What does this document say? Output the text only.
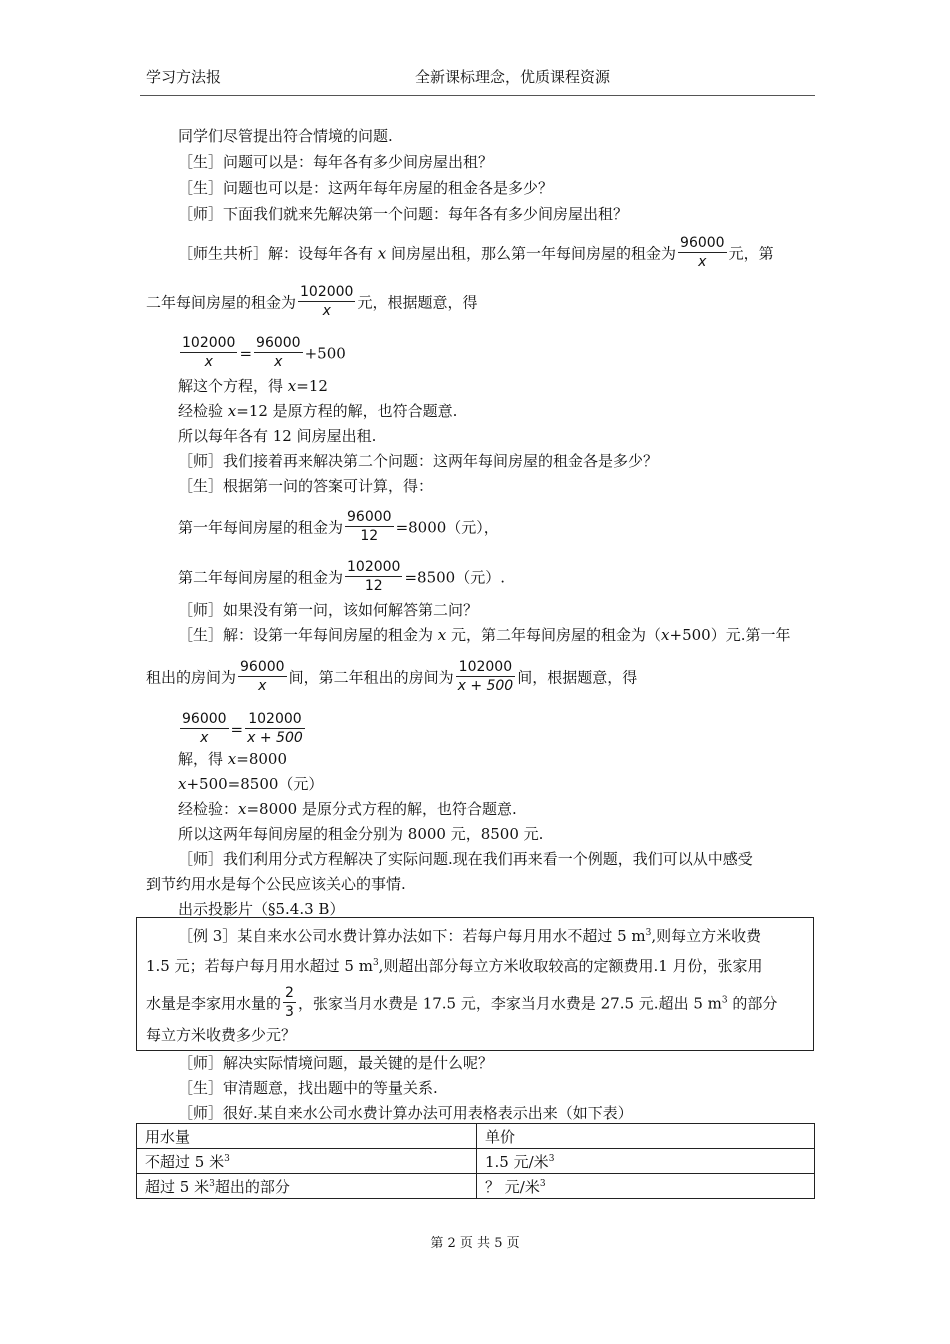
学习方法报	全新课标理念，优质课程资源
同学们尽管提出符合情境的问题.
［生］问题可以是：每年各有多少间房屋出租？
［生］问题也可以是：这两年每年房屋的租金各是多少？
［师］下面我们就来先解决第一个问题：每年各有多少间房屋出租？
［师生共析］解：设每年各有 x 间房屋出租，那么第一年每间房屋的租金为 $\frac{96000}{x}$ 元，第
二年每间房屋的租金为 $\frac{102000}{x}$ 元，根据题意，得
$\frac{102000}{x} = \frac{96000}{x} +500$
解这个方程，得 x=12
经检验 x=12 是原方程的解，也符合题意.
所以每年各有 12 间房屋出租.
［师］我们接着再来解决第二个问题：这两年每间房屋的租金各是多少？
［生］根据第一问的答案可计算，得：
第一年每间房屋的租金为 $\frac{96000}{12} =8000$（元），
第二年每间房屋的租金为 $\frac{102000}{12} =8500$（元）.
［师］如果没有第一问，该如何解答第二问？
［生］解：设第一年每间房屋的租金为 x 元，第二年每间房屋的租金为（x+500）元.第一年
租出的房间为 $\frac{96000}{x}$ 间，第二年租出的房间为 $\frac{102000}{x + 500}$ 间，根据题意，得
$\frac{96000}{x} = \frac{102000}{x + 500}$
解，得 x=8000
x+500=8500（元）
经检验：x=8000 是原分式方程的解，也符合题意.
所以这两年每间房屋的租金分别为 8000 元，8500 元.
［师］我们利用分式方程解决了实际问题.现在我们再来看一个例题，我们可以从中感受
到节约用水是每个公民应该关心的事情.
出示投影片（§5.4.3 B）
［例 3］某自来水公司水费计算办法如下：若每户每月用水不超过 5 $m^3$,则每立方米收费
1.5 元；若每户每月用水超过 5 $m^3$,则超出部分每立方米收取较高的定额费用.1 月份，张家用
水量是李家用水量的 $\frac{2}{3}$ ，张家当月水费是 17.5 元，李家当月水费是 27.5 元.超出 5 $m^3$ 的部分
每立方米收费多少元？
［师］解决实际情境问题，最关键的是什么呢？
［生］审清题意，找出题中的等量关系.
［师］很好.某自来水公司水费计算办法可用表格表示出来（如下表）
用水量	单价
不超过 5 米$^3$	1.5 元/米$^3$
超过 5 米$^3$超出的部分	？ 元/米$^3$
第 2 页 共 5 页
